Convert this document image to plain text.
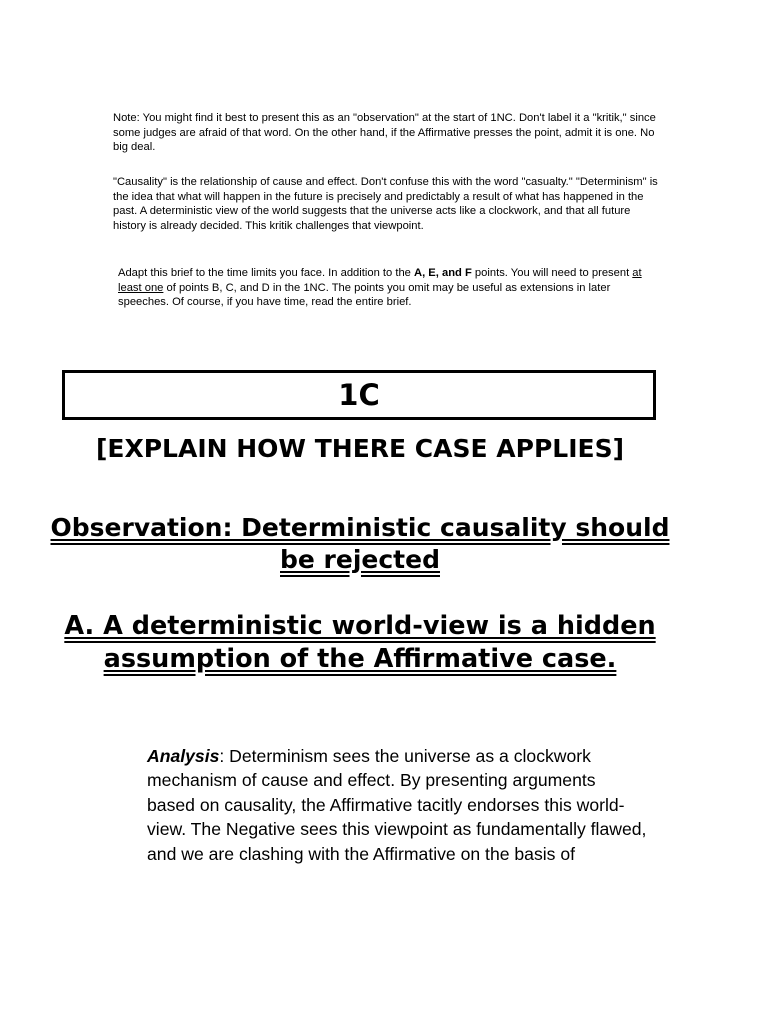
Note: You might find it best to present this as an "observation" at the start of 1NC. Don't label it a "kritik," since some judges are afraid of that word. On the other hand, if the Affirmative presses the point, admit it is one. No big deal.
"Causality" is the relationship of cause and effect. Don't confuse this with the word "casualty." "Determinism" is the idea that what will happen in the future is precisely and predictably a result of what has happened in the past. A deterministic view of the world suggests that the universe acts like a clockwork, and that all future history is already decided. This kritik challenges that viewpoint.
Adapt this brief to the time limits you face. In addition to the A, E, and F points. You will need to present at least one of points B, C, and D in the 1NC. The points you omit may be useful as extensions in later speeches. Of course, if you have time, read the entire brief.
1C
[EXPLAIN HOW THERE CASE APPLIES]
Observation: Deterministic causality should be rejected
A. A deterministic world-view is a hidden assumption of the Affirmative case.
Analysis: Determinism sees the universe as a clockwork mechanism of cause and effect. By presenting arguments based on causality, the Affirmative tacitly endorses this world-view. The Negative sees this viewpoint as fundamentally flawed, and we are clashing with the Affirmative on the basis of
